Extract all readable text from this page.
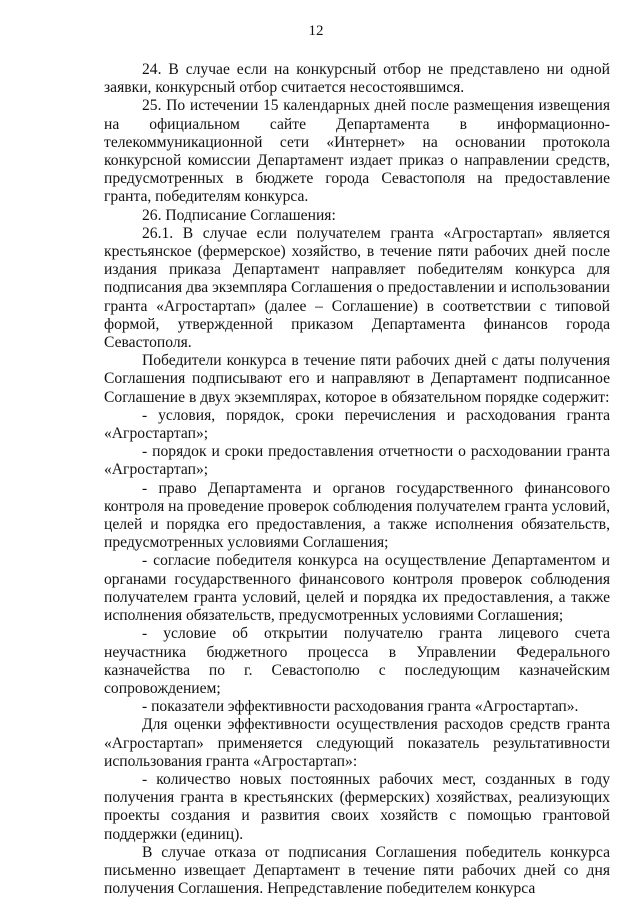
12

24. В случае если на конкурсный отбор не представлено ни одной заявки, конкурсный отбор считается несостоявшимся.

25. По истечении 15 календарных дней после размещения извещения на официальном сайте Департамента в информационно-телекоммуникационной сети «Интернет» на основании протокола конкурсной комиссии Департамент издает приказ о направлении средств, предусмотренных в бюджете города Севастополя на предоставление гранта, победителям конкурса.

26. Подписание Соглашения:

26.1. В случае если получателем гранта «Агростартап» является крестьянское (фермерское) хозяйство, в течение пяти рабочих дней после издания приказа Департамент направляет победителям конкурса для подписания два экземпляра Соглашения о предоставлении и использовании гранта «Агростартап» (далее – Соглашение) в соответствии с типовой формой, утвержденной приказом Департамента финансов города Севастополя.

Победители конкурса в течение пяти рабочих дней с даты получения Соглашения подписывают его и направляют в Департамент подписанное Соглашение в двух экземплярах, которое в обязательном порядке содержит:

- условия, порядок, сроки перечисления и расходования гранта «Агростартап»;

- порядок и сроки предоставления отчетности о расходовании гранта «Агростартап»;

- право Департамента и органов государственного финансового контроля на проведение проверок соблюдения получателем гранта условий, целей и порядка его предоставления, а также исполнения обязательств, предусмотренных условиями Соглашения;

- согласие победителя конкурса на осуществление Департаментом и органами государственного финансового контроля проверок соблюдения получателем гранта условий, целей и порядка их предоставления, а также исполнения обязательств, предусмотренных условиями Соглашения;

- условие об открытии получателю гранта лицевого счета неучастника бюджетного процесса в Управлении Федерального казначейства по г. Севастополю с последующим казначейским сопровождением;

- показатели эффективности расходования гранта «Агростартап».

Для оценки эффективности осуществления расходов средств гранта «Агростартап» применяется следующий показатель результативности использования гранта «Агростартап»:

- количество новых постоянных рабочих мест, созданных в году получения гранта в крестьянских (фермерских) хозяйствах, реализующих проекты создания и развития своих хозяйств с помощью грантовой поддержки (единиц).

В случае отказа от подписания Соглашения победитель конкурса письменно извещает Департамент в течение пяти рабочих дней со дня получения Соглашения. Непредставление победителем конкурса
